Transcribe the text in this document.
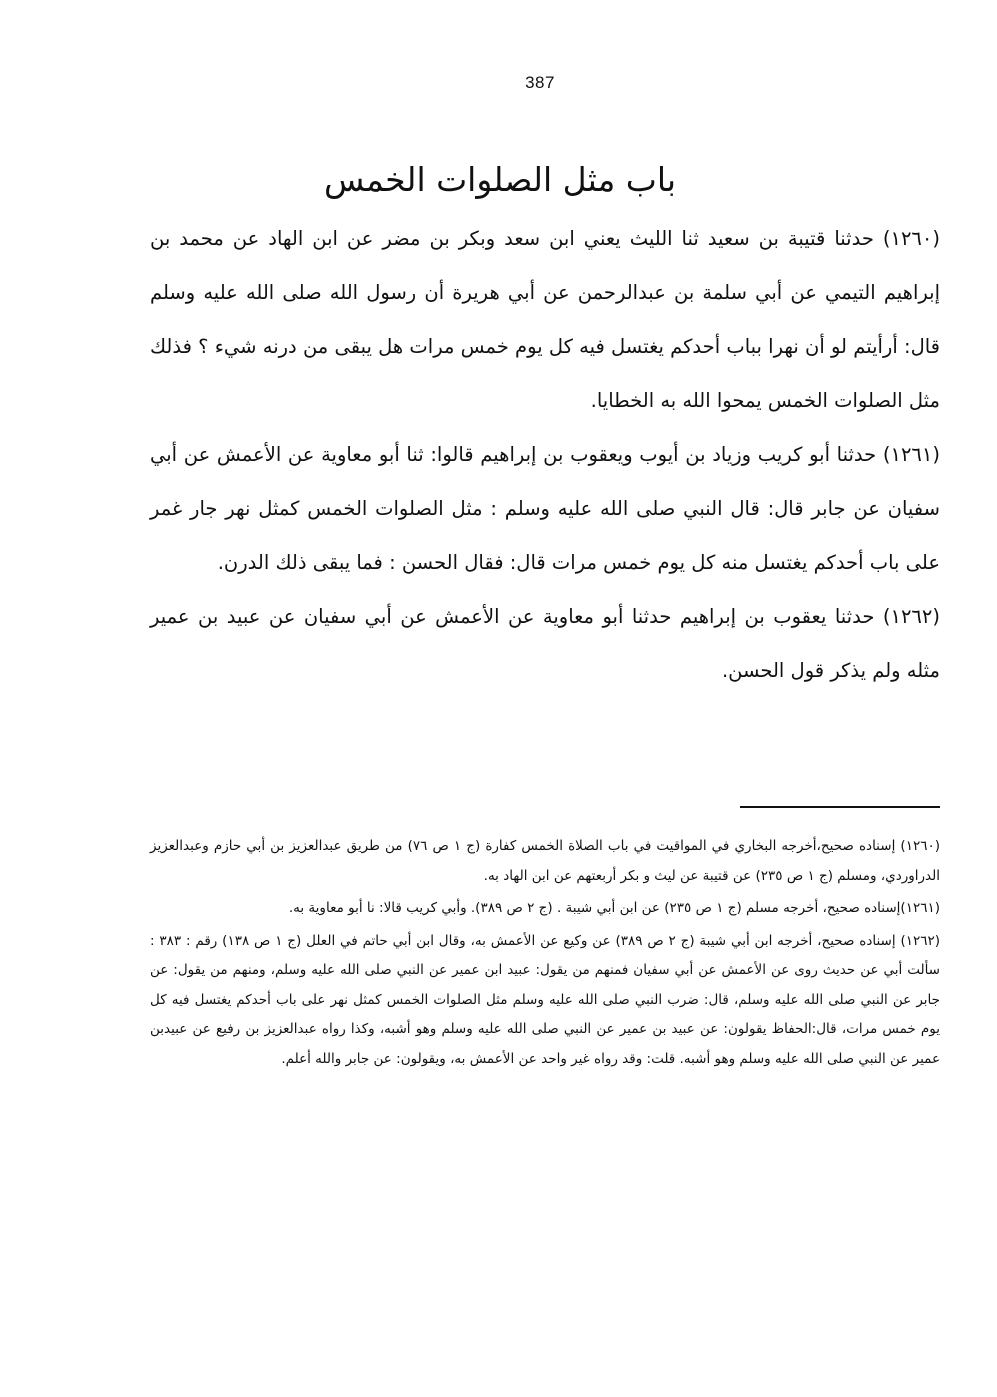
387
باب مثل الصلوات الخمس

(١٢٦٠) حدثنا قتيبة بن سعيد ثنا الليث يعني ابن سعد وبكر بن مضر عن ابن الهاد عن محمد بن إبراهيم التيمي عن أبي سلمة بن عبدالرحمن عن أبي هريرة أن رسول الله صلى الله عليه وسلم قال: أرأيتم لو أن نهرا بباب أحدكم يغتسل فيه كل يوم خمس مرات هل يبقى من درنه شيء ؟ فذلك مثل الصلوات الخمس يمحوا الله به الخطايا.

(١٢٦١) حدثنا أبو كريب وزياد بن أيوب ويعقوب بن إبراهيم قالوا: ثنا أبو معاوية عن الأعمش عن أبي سفيان عن جابر قال: قال النبي صلى الله عليه وسلم : مثل الصلوات الخمس كمثل نهر جار غمر على باب أحدكم يغتسل منه كل يوم خمس مرات قال: فقال الحسن : فما يبقى ذلك الدرن.

(١٢٦٢) حدثنا يعقوب بن إبراهيم حدثنا أبو معاوية عن الأعمش عن أبي سفيان عن عبيد بن عمير مثله ولم يذكر قول الحسن.

(١٢٦٠) إسناده صحيح،أخرجه البخاري في المواقيت في باب الصلاة الخمس كفارة (ج ١ ص ٧٦) من طريق عبدالعزيز بن أبي حازم وعبدالعزيز الدراوردي، ومسلم (ج ١ ص ٢٣٥) عن قتيبة عن ليث و بكر أربعتهم عن ابن الهاد به.

(١٢٦١)إسناده صحيح، أخرجه مسلم (ج ١ ص ٢٣٥) عن ابن أبي شيبة . (ج ٢ ص ٣٨٩). وأبي كريب قالا: نا أبو معاوية به.

(١٢٦٢) إسناده صحيح، أخرجه ابن أبي شيبة (ج ٢ ص ٣٨٩) عن وكيع عن الأعمش به، وقال ابن أبي حاتم في العلل (ج ١ ص ١٣٨) رقم : ٣٨٣ : سألت أبي عن حديث روى عن الأعمش عن أبي سفيان فمنهم من يقول: عبيد ابن عمير عن النبي صلى الله عليه وسلم، ومنهم من يقول: عن جابر عن النبي صلى الله عليه وسلم، قال: ضرب النبي صلى الله عليه وسلم مثل الصلوات الخمس كمثل نهر على باب أحدكم يغتسل فيه كل يوم خمس مرات، قال:الحفاظ يقولون: عن عبيد بن عمير عن النبي صلى الله عليه وسلم وهو أشبه، وكذا رواه عبدالعزيز بن رفيع عن عبيدبن عمير عن النبي صلى الله عليه وسلم وهو أشبه. قلت: وقد رواه غير واحد عن الأعمش به، ويقولون: عن جابر والله أعلم.
